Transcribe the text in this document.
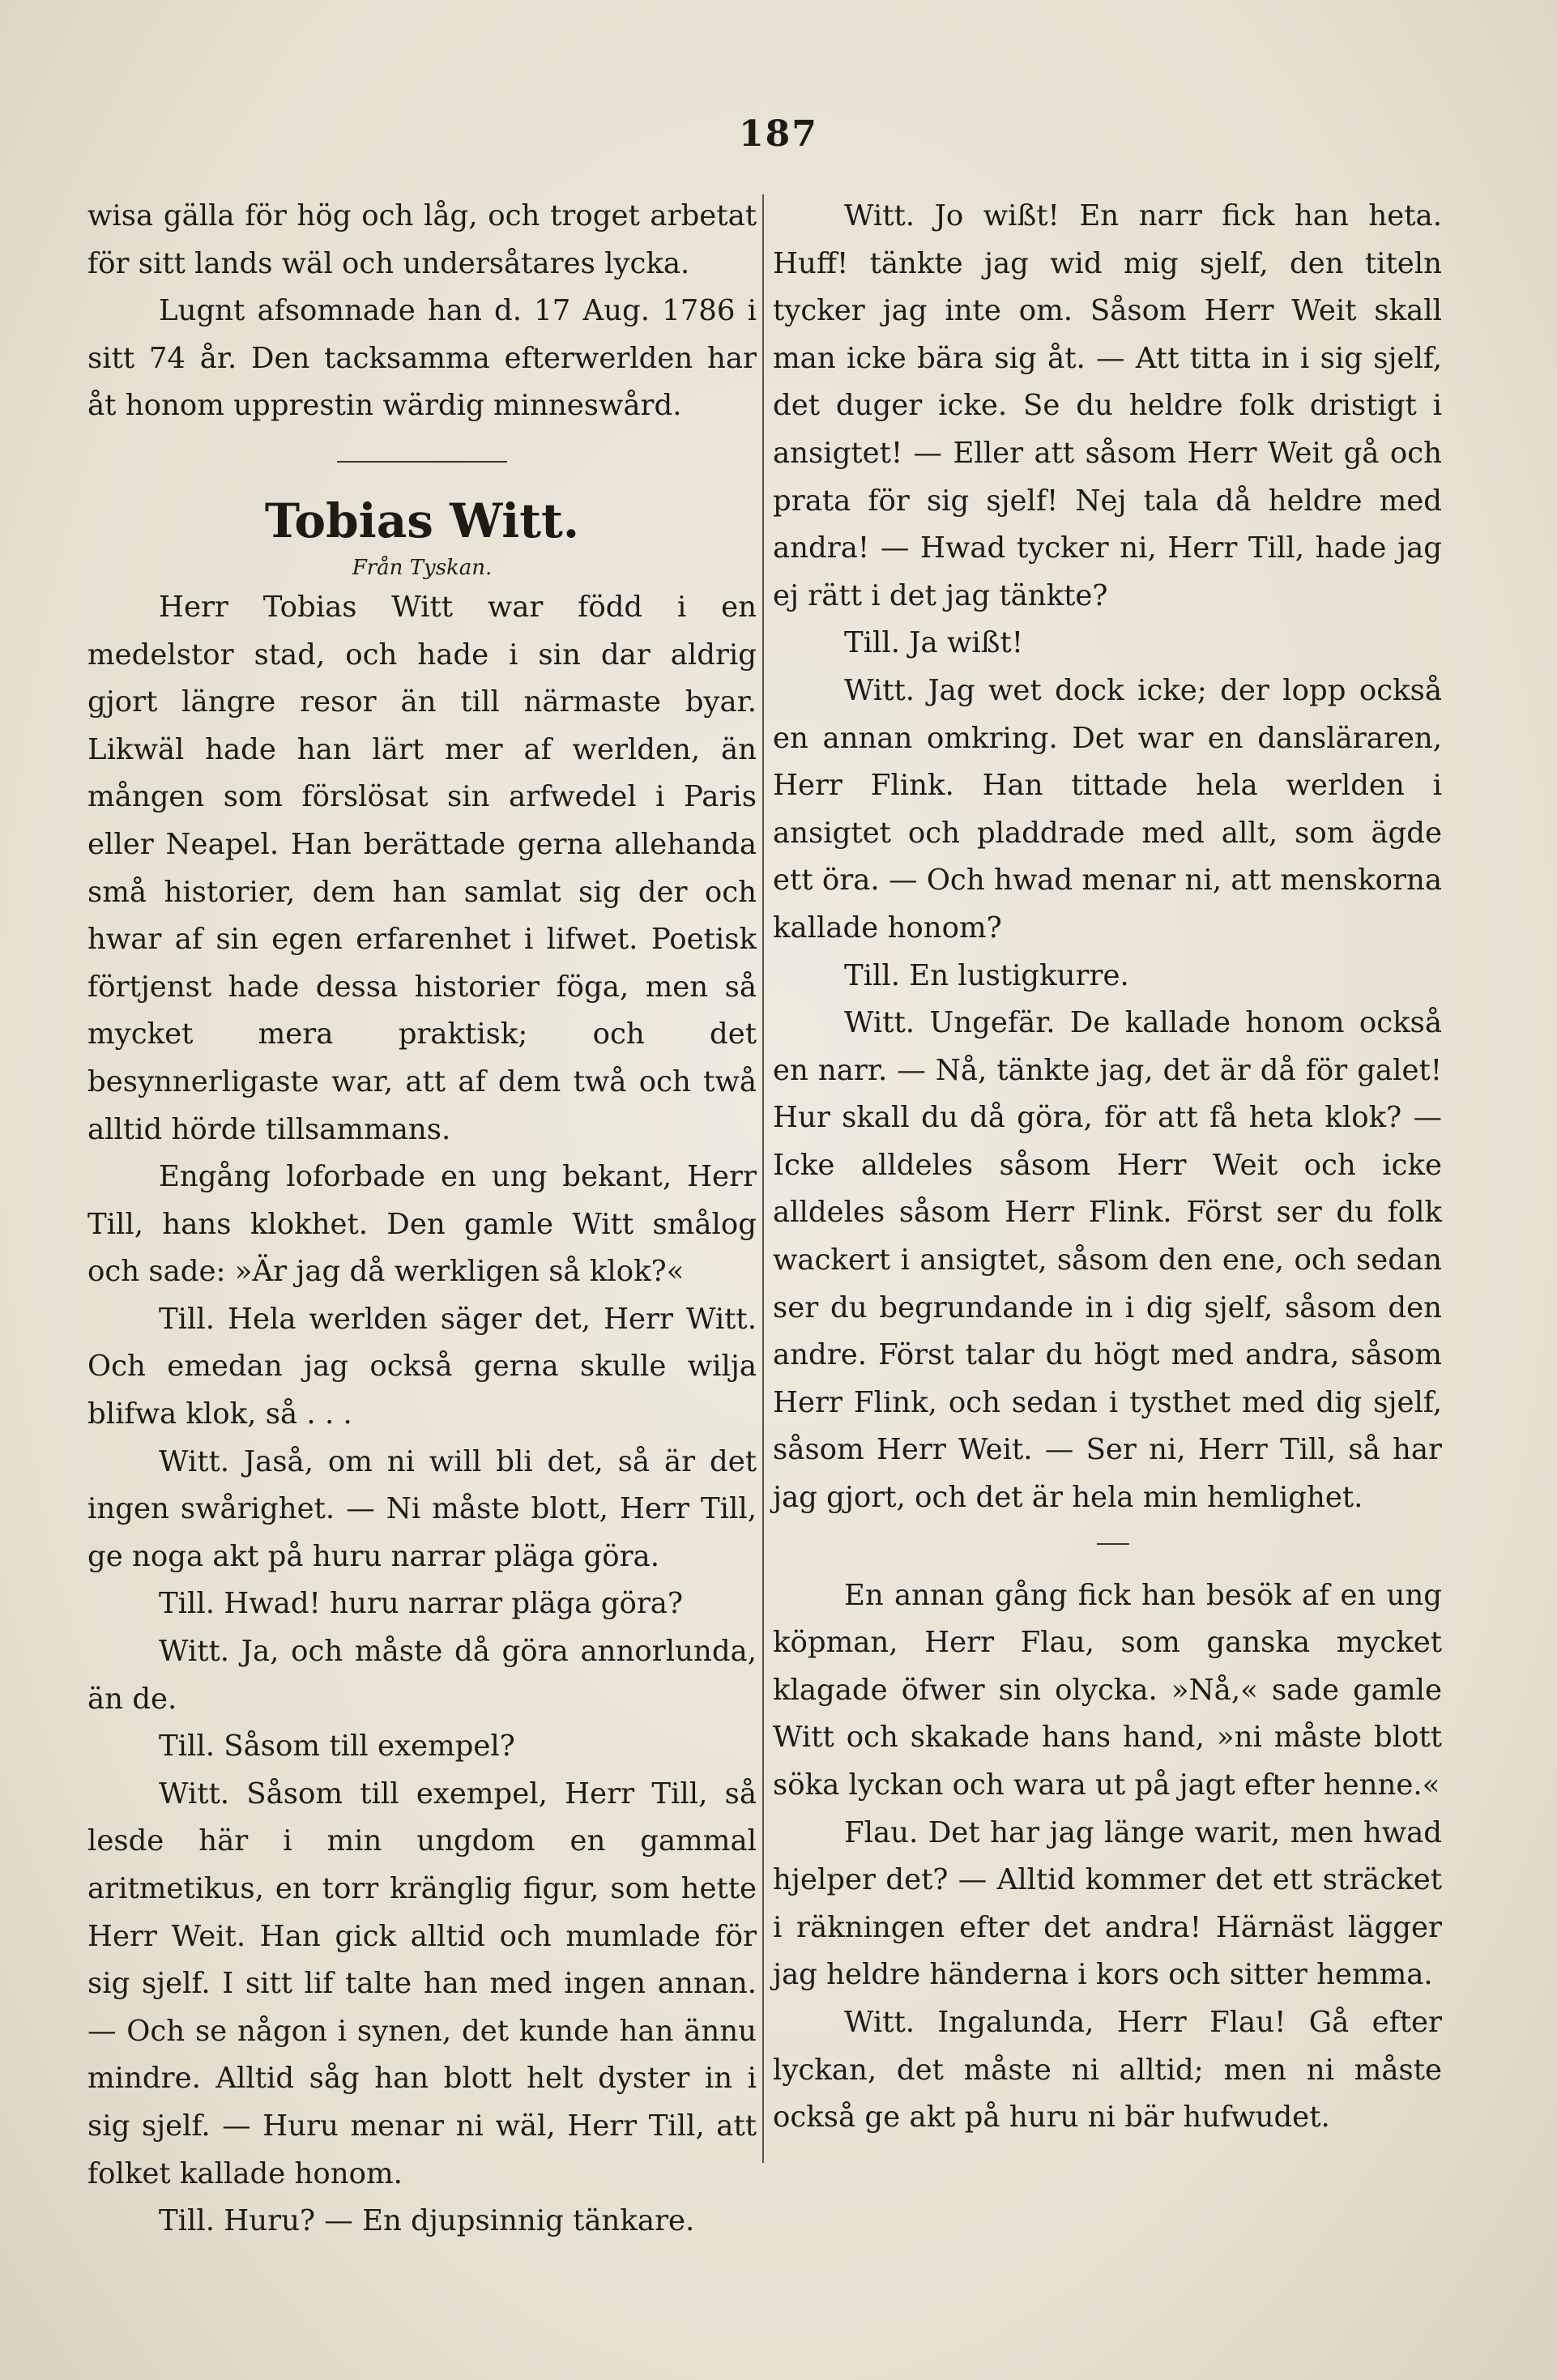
187

wisa gälla för hög och låg, och troget arbetat för sitt lands wäl och undersåtares lycka.

Lugnt afsomnade han d. 17 Aug. 1786 i sitt 74 år. Den tacksamma efterwerlden har åt honom upprestin wärdig minneswård.

Tobias Witt.

Från Tyskan.

Herr Tobias Witt war född i en medelstor stad, och hade i sin dar aldrig gjort längre resor än till närmaste byar. Likwäl hade han lärt mer af werlden, än mången som förslösat sin arfwedel i Paris eller Neapel. Han berättade gerna allehanda små historier, dem han samlat sig der och hwar af sin egen erfarenhet i lifwet. Poetisk förtjenst hade dessa historier föga, men så mycket mera praktisk; och det besynnerligaste war, att af dem twå och twå alltid hörde tillsammans.

Engång loforbade en ung bekant, Herr Till, hans klokhet. Den gamle Witt smålog och sade: »Är jag då werkligen så klok?«

Till. Hela werlden säger det, Herr Witt. Och emedan jag också gerna skulle wilja blifwa klok, så . . .

Witt. Jaså, om ni will bli det, så är det ingen swårighet. — Ni måste blott, Herr Till, ge noga akt på huru narrar pläga göra.

Till. Hwad! huru narrar pläga göra?

Witt. Ja, och måste då göra annorlunda, än de.

Till. Såsom till exempel?

Witt. Såsom till exempel, Herr Till, så lesde här i min ungdom en gammal aritmetikus, en torr kränglig figur, som hette Herr Weit. Han gick alltid och mumlade för sig sjelf. I sitt lif talte han med ingen annan. — Och se någon i synen, det kunde han ännu mindre. Alltid såg han blott helt dyster in i sig sjelf. — Huru menar ni wäl, Herr Till, att folket kallade honom.

Till. Huru? — En djupsinnig tänkare.

Witt. Jo wißt! En narr fick han heta. Huff! tänkte jag wid mig sjelf, den titeln tycker jag inte om. Såsom Herr Weit skall man icke bära sig åt. — Att titta in i sig sjelf, det duger icke. Se du heldre folk dristigt i ansigtet! — Eller att såsom Herr Weit gå och prata för sig sjelf! Nej tala då heldre med andra! — Hwad tycker ni, Herr Till, hade jag ej rätt i det jag tänkte?

Till. Ja wißt!

Witt. Jag wet dock icke; der lopp också en annan omkring. Det war en dansläraren, Herr Flink. Han tittade hela werlden i ansigtet och pladdrade med allt, som ägde ett öra. — Och hwad menar ni, att menskorna kallade honom?

Till. En lustigkurre.

Witt. Ungefär. De kallade honom också en narr. — Nå, tänkte jag, det är då för galet! Hur skall du då göra, för att få heta klok? — Icke alldeles såsom Herr Weit och icke alldeles såsom Herr Flink. Först ser du folk wackert i ansigtet, såsom den ene, och sedan ser du begrundande in i dig sjelf, såsom den andre. Först talar du högt med andra, såsom Herr Flink, och sedan i tysthet med dig sjelf, såsom Herr Weit. — Ser ni, Herr Till, så har jag gjort, och det är hela min hemlighet.

En annan gång fick han besök af en ung köpman, Herr Flau, som ganska mycket klagade öfwer sin olycka. »Nå,« sade gamle Witt och skakade hans hand, »ni måste blott söka lyckan och wara ut på jagt efter henne.«

Flau. Det har jag länge warit, men hwad hjelper det? — Alltid kommer det ett sträcket i räkningen efter det andra! Härnäst lägger jag heldre händerna i kors och sitter hemma.

Witt. Ingalunda, Herr Flau! Gå efter lyckan, det måste ni alltid; men ni måste också ge akt på huru ni bär hufwudet.
